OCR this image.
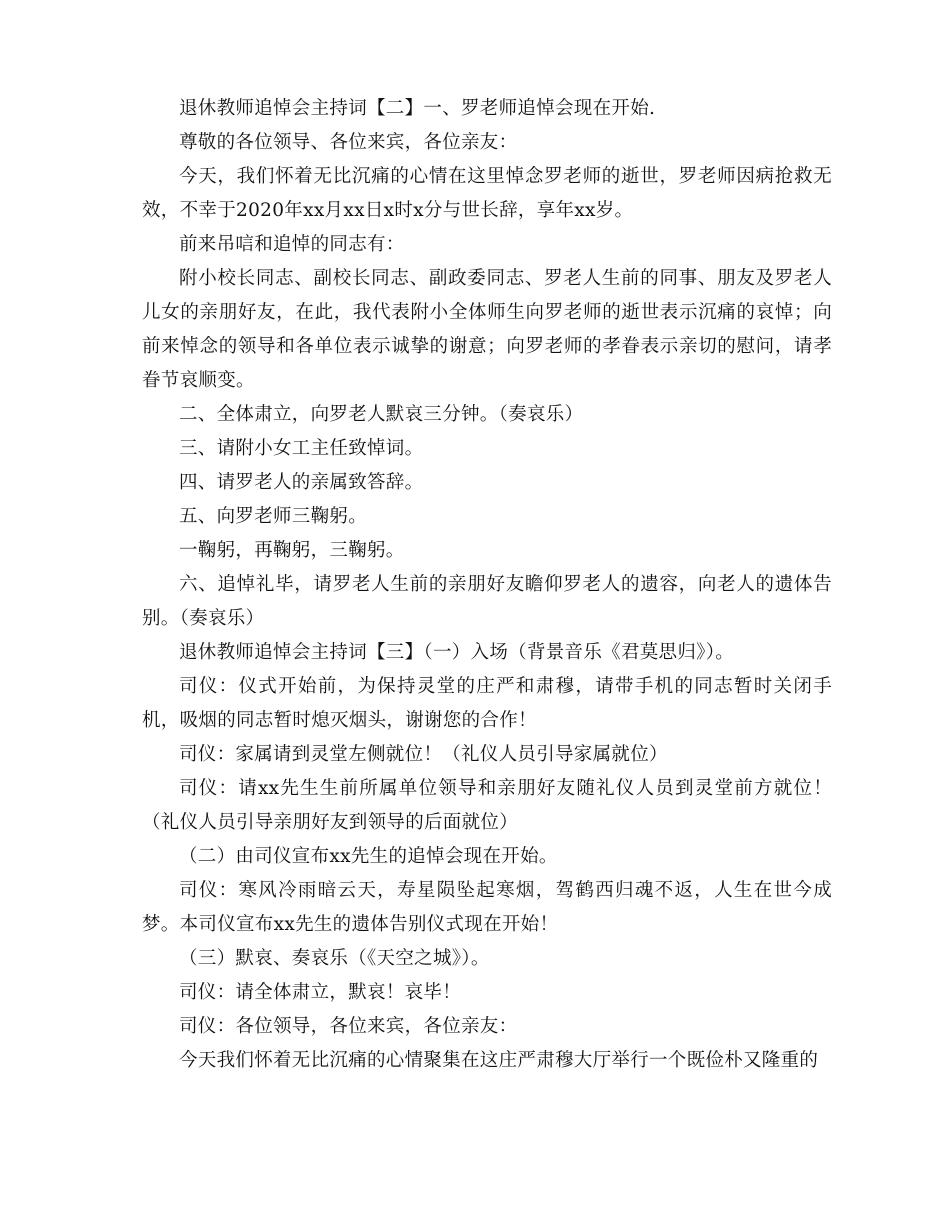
退休教师追悼会主持词【二】一、罗老师追悼会现在开始.

尊敬的各位领导、各位来宾，各位亲友：

今天，我们怀着无比沉痛的心情在这里悼念罗老师的逝世，罗老师因病抢救无效，不幸于2020年xx月xx日x时x分与世长辞，享年xx岁。

前来吊唁和追悼的同志有：

附小校长同志、副校长同志、副政委同志、罗老人生前的同事、朋友及罗老人儿女的亲朋好友，在此，我代表附小全体师生向罗老师的逝世表示沉痛的哀悼；向前来悼念的领导和各单位表示诚挚的谢意；向罗老师的孝眷表示亲切的慰问，请孝眷节哀顺变。

二、全体肃立，向罗老人默哀三分钟。（奏哀乐）

三、请附小女工主任致悼词。

四、请罗老人的亲属致答辞。

五、向罗老师三鞠躬。

一鞠躬，再鞠躬，三鞠躬。

六、追悼礼毕，请罗老人生前的亲朋好友瞻仰罗老人的遗容，向老人的遗体告别。（奏哀乐）

退休教师追悼会主持词【三】（一）入场（背景音乐《君莫思归》）。

司仪：仪式开始前，为保持灵堂的庄严和肃穆，请带手机的同志暂时关闭手机，吸烟的同志暂时熄灭烟头，谢谢您的合作！

司仪：家属请到灵堂左侧就位！（礼仪人员引导家属就位）

司仪：请xx先生生前所属单位领导和亲朋好友随礼仪人员到灵堂前方就位！（礼仪人员引导亲朋好友到领导的后面就位）

（二）由司仪宣布xx先生的追悼会现在开始。

司仪：寒风冷雨暗云天，寿星陨坠起寒烟，驾鹤西归魂不返，人生在世今成梦。本司仪宣布xx先生的遗体告别仪式现在开始！

（三）默哀、奏哀乐（《天空之城》）。

司仪：请全体肃立，默哀！哀毕！

司仪：各位领导，各位来宾，各位亲友：

今天我们怀着无比沉痛的心情聚集在这庄严肃穆大厅举行一个既俭朴又隆重的
